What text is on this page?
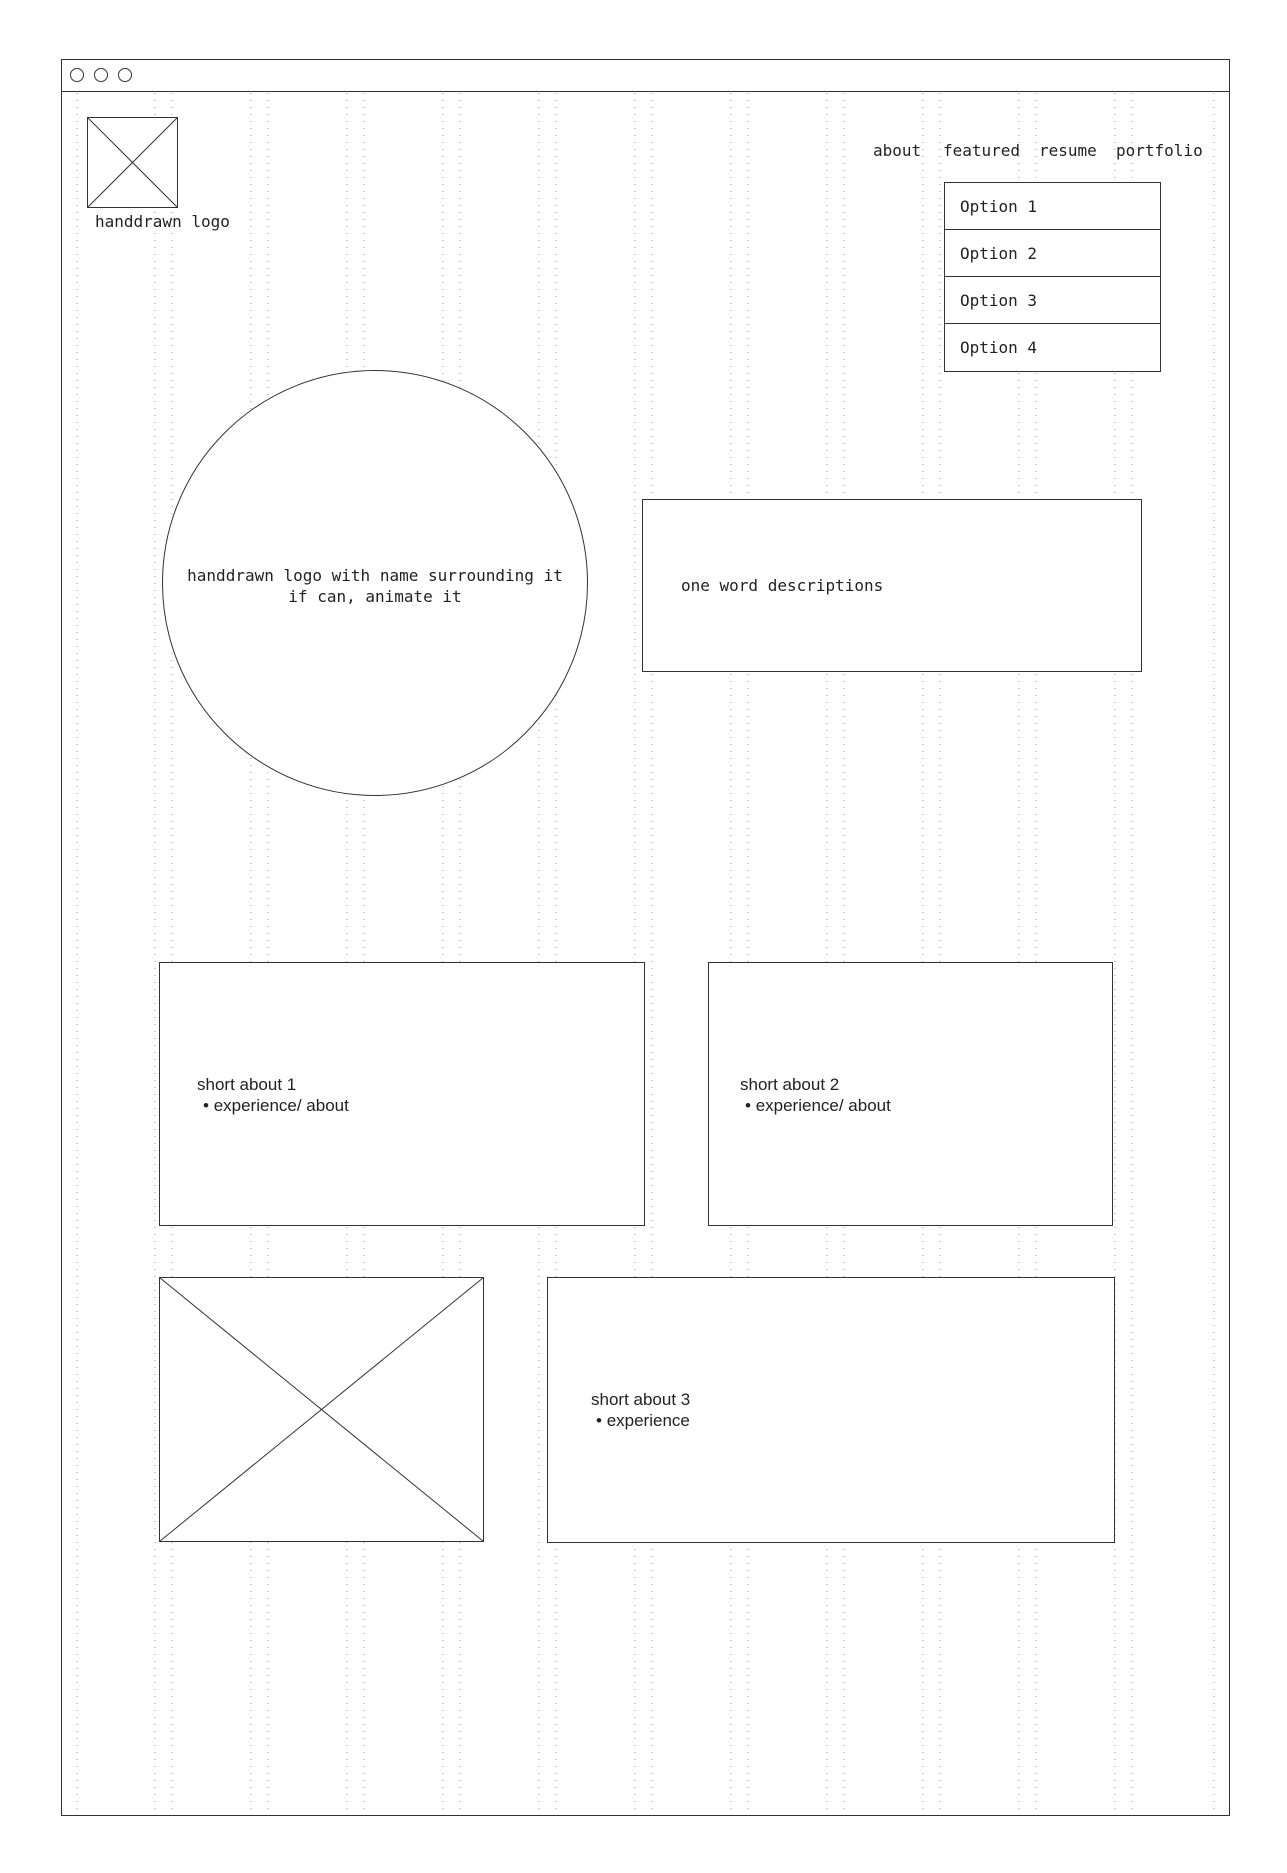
handdrawn logo
about featured resume portfolio
Option 1
Option 2
Option 3
Option 4
handdrawn logo with name surrounding it
if can, animate it
one word descriptions
short about 1
• experience/ about
short about 2
• experience/ about
short about 3
• experience
